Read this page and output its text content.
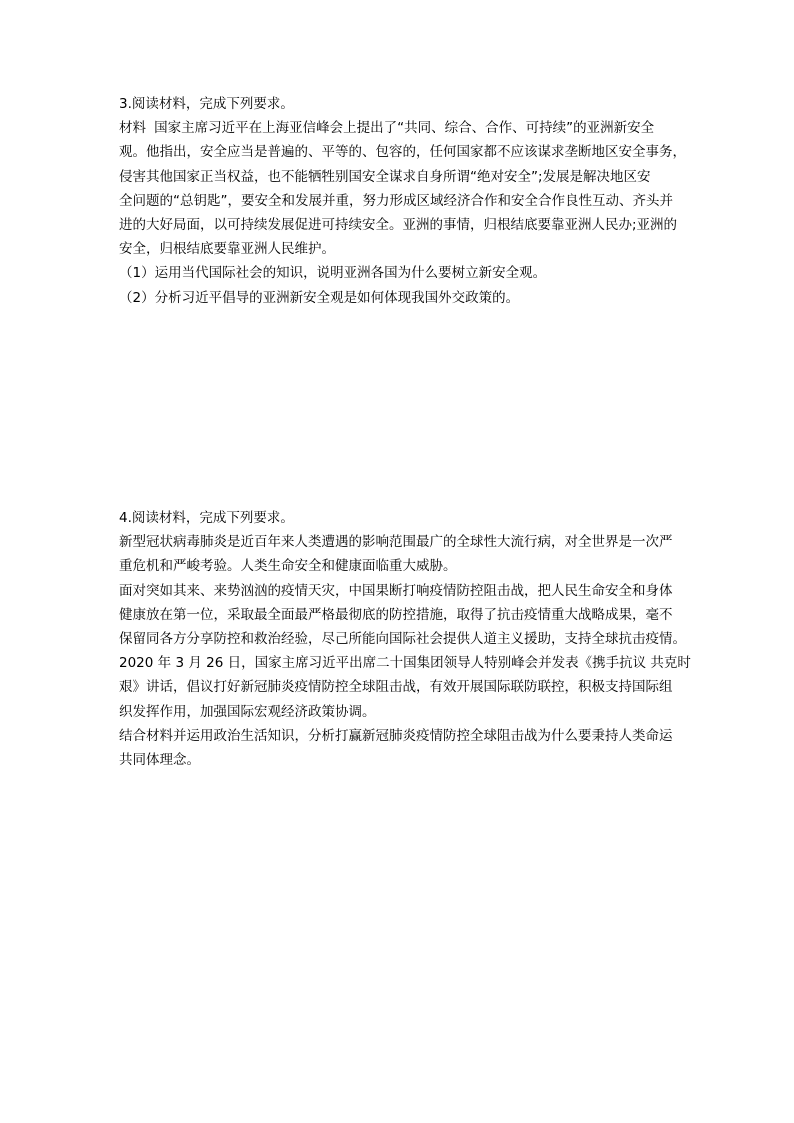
3.阅读材料，完成下列要求。
材料 国家主席习近平在上海亚信峰会上提出了“共同、综合、合作、可持续”的亚洲新安全
观。他指出，安全应当是普遍的、平等的、包容的，任何国家都不应该谋求垄断地区安全事务，
侵害其他国家正当权益，也不能牺牲别国安全谋求自身所谓“绝对安全”;发展是解决地区安
全问题的“总钥匙”，要安全和发展并重，努力形成区域经济合作和安全合作良性互动、齐头并
进的大好局面，以可持续发展促进可持续安全。亚洲的事情，归根结底要靠亚洲人民办;亚洲的
安全，归根结底要靠亚洲人民维护。
（1）运用当代国际社会的知识，说明亚洲各国为什么要树立新安全观。
（2）分析习近平倡导的亚洲新安全观是如何体现我国外交政策的。
4.阅读材料，完成下列要求。
新型冠状病毒肺炎是近百年来人类遭遇的影响范围最广的全球性大流行病，对全世界是一次严
重危机和严峻考验。人类生命安全和健康面临重大威胁。
面对突如其来、来势汹汹的疫情天灾，中国果断打响疫情防控阻击战，把人民生命安全和身体
健康放在第一位，采取最全面最严格最彻底的防控措施，取得了抗击疫情重大战略成果，毫不
保留同各方分享防控和救治经验，尽己所能向国际社会提供人道主义援助，支持全球抗击疫情。
2020 年 3 月 26 日，国家主席习近平出席二十国集团领导人特别峰会并发表《携手抗议 共克时
艰》讲话，倡议打好新冠肺炎疫情防控全球阻击战，有效开展国际联防联控，积极支持国际组
织发挥作用，加强国际宏观经济政策协调。
结合材料并运用政治生活知识，分析打赢新冠肺炎疫情防控全球阻击战为什么要秉持人类命运
共同体理念。
